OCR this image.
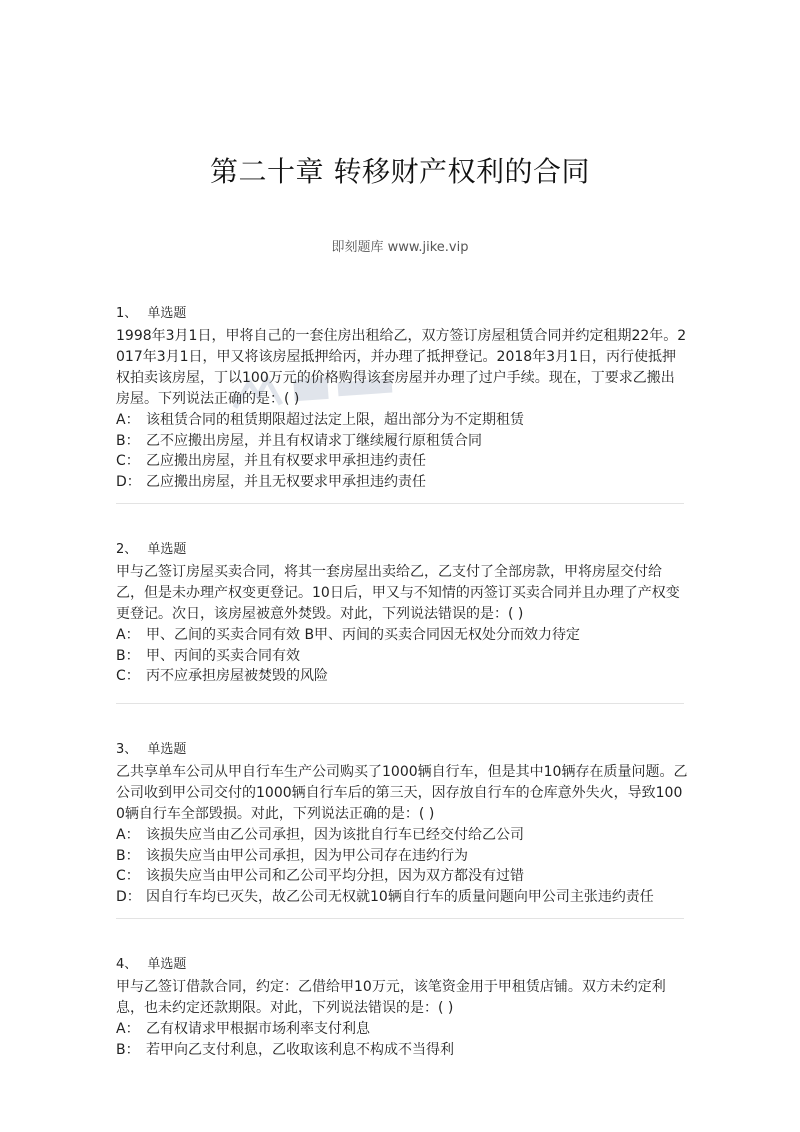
第二十章 转移财产权利的合同
即刻题库 www.jike.vip
1、 单选题
1998年3月1日，甲将自己的一套住房出租给乙，双方签订房屋租赁合同并约定租期22年。2017年3月1日，甲又将该房屋抵押给丙，并办理了抵押登记。2018年3月1日，丙行使抵押权拍卖该房屋，丁以100万元的价格购得该套房屋并办理了过户手续。现在，丁要求乙搬出房屋。下列说法正确的是：( )
A： 该租赁合同的租赁期限超过法定上限，超出部分为不定期租赁
B： 乙不应搬出房屋，并且有权请求丁继续履行原租赁合同
C： 乙应搬出房屋，并且有权要求甲承担违约责任
D： 乙应搬出房屋，并且无权要求甲承担违约责任
2、 单选题
甲与乙签订房屋买卖合同，将其一套房屋出卖给乙，乙支付了全部房款，甲将房屋交付给乙，但是未办理产权变更登记。10日后，甲又与不知情的丙签订买卖合同并且办理了产权变更登记。次日，该房屋被意外焚毁。对此，下列说法错误的是：( )
A： 甲、乙间的买卖合同有效 B甲、丙间的买卖合同因无权处分而效力待定
B： 甲、丙间的买卖合同有效
C： 丙不应承担房屋被焚毁的风险
3、 单选题
乙共享单车公司从甲自行车生产公司购买了1000辆自行车，但是其中10辆存在质量问题。乙公司收到甲公司交付的1000辆自行车后的第三天，因存放自行车的仓库意外失火，导致1000辆自行车全部毁损。对此，下列说法正确的是：( )
A： 该损失应当由乙公司承担，因为该批自行车已经交付给乙公司
B： 该损失应当由甲公司承担，因为甲公司存在违约行为
C： 该损失应当由甲公司和乙公司平均分担，因为双方都没有过错
D： 因自行车均已灭失，故乙公司无权就10辆自行车的质量问题向甲公司主张违约责任
4、 单选题
甲与乙签订借款合同，约定：乙借给甲10万元，该笔资金用于甲租赁店铺。双方未约定利息，也未约定还款期限。对此，下列说法错误的是：( )
A： 乙有权请求甲根据市场利率支付利息
B： 若甲向乙支付利息，乙收取该利息不构成不当得利
